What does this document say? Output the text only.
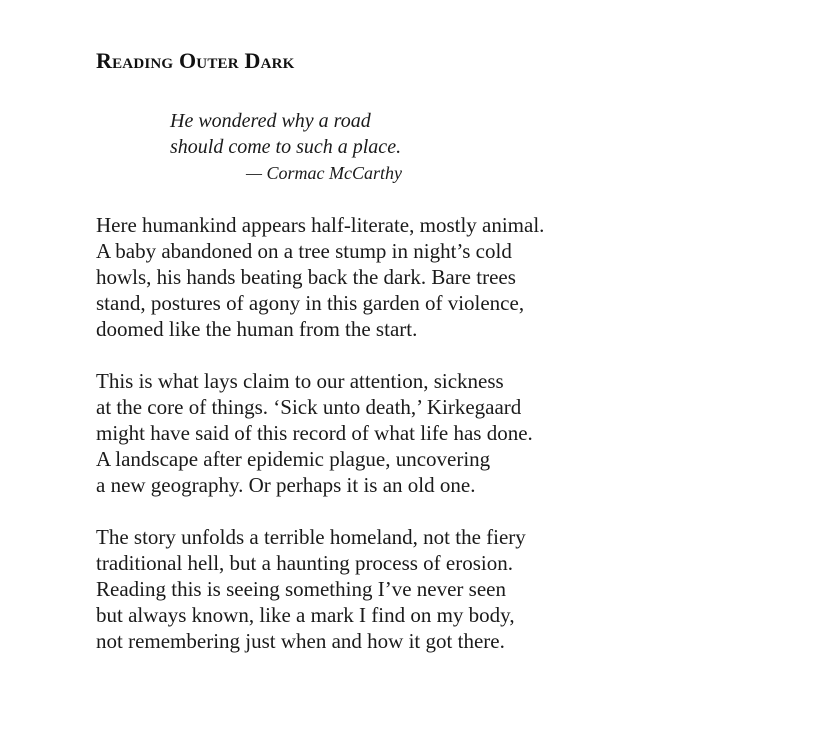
Reading Outer Dark
He wondered why a road
should come to such a place.
— Cormac McCarthy
Here humankind appears half-literate, mostly animal.
A baby abandoned on a tree stump in night’s cold
howls, his hands beating back the dark. Bare trees
stand, postures of agony in this garden of violence,
doomed like the human from the start.
This is what lays claim to our attention, sickness
at the core of things. ‘Sick unto death,’ Kirkegaard
might have said of this record of what life has done.
A landscape after epidemic plague, uncovering
a new geography. Or perhaps it is an old one.
The story unfolds a terrible homeland, not the fiery
traditional hell, but a haunting process of erosion.
Reading this is seeing something I’ve never seen
but always known, like a mark I find on my body,
not remembering just when and how it got there.
